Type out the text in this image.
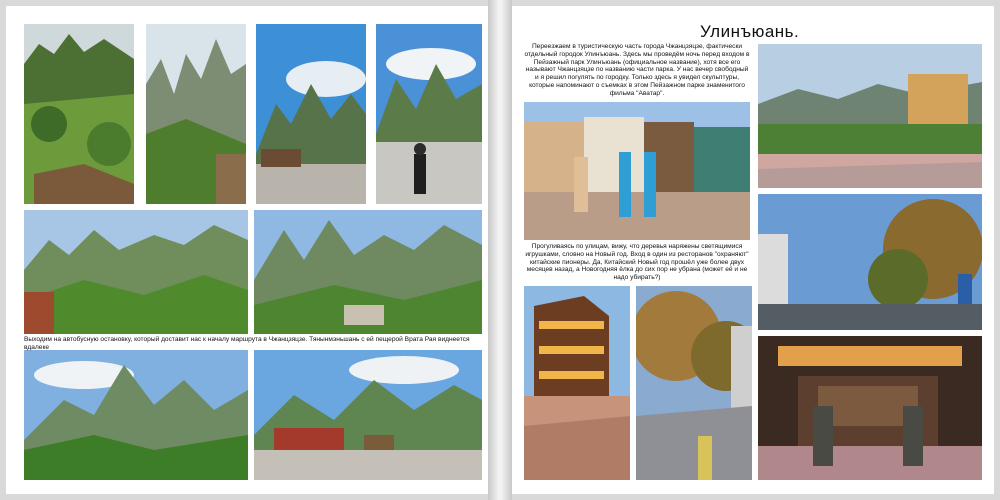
Выходим на автобусную остановку, который доставит нас к началу маршрута в Чжанцзяцзе. Тянынмэньшань с ей пещерой Врата Рая виднеется вдалеке
Улинъюань.
Переезжаем в туристическую часть города Чжанцзяцзе, фактически отдельный городок Улинъюань. Здесь мы проведём ночь перед входом в Пейзажный парк Улинъюань (официальное название), хотя все его называют Чжанцзяцзе по названию части парка. У нас вечер свободный и я решил погулять по городку. Только здесь я увидел скульптуры, которые напоминают о съемках в этом Пейзажном парке знаменитого фильма "Аватар".
Прогуливаясь по улицам, вижу, что деревья наряжены светящимися игрушками, словно на Новый год. Вход в один из ресторанов "охраняют" китайские пионеры. Да, Китайский Новый год прошёл уже более двух месяцев назад, а Новогодняя ёлка до сих пор не убрана (может её и не надо убирать?)
